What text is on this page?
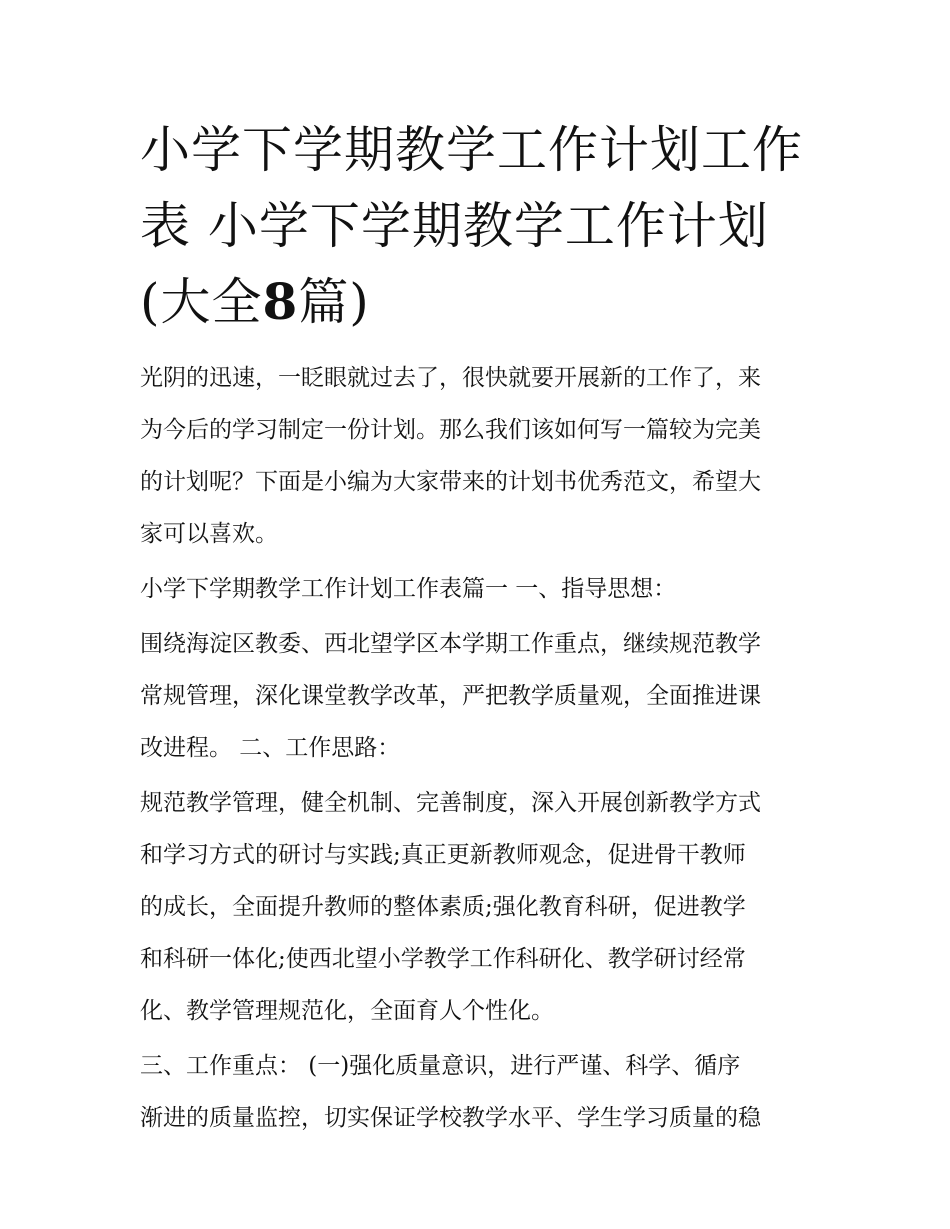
小学下学期教学工作计划工作
表 小学下学期教学工作计划
(大全8篇)

光阴的迅速，一眨眼就过去了，很快就要开展新的工作了，来
为今后的学习制定一份计划。那么我们该如何写一篇较为完美
的计划呢？下面是小编为大家带来的计划书优秀范文，希望大
家可以喜欢。

小学下学期教学工作计划工作表篇一 一、指导思想：

围绕海淀区教委、西北望学区本学期工作重点，继续规范教学
常规管理，深化课堂教学改革，严把教学质量观，全面推进课
改进程。 二、工作思路：

规范教学管理，健全机制、完善制度，深入开展创新教学方式
和学习方式的研讨与实践;真正更新教师观念，促进骨干教师
的成长，全面提升教师的整体素质;强化教育科研，促进教学
和科研一体化;使西北望小学教学工作科研化、教学研讨经常
化、教学管理规范化，全面育人个性化。

三、工作重点： (一)强化质量意识，进行严谨、科学、循序
渐进的质量监控，切实保证学校教学水平、学生学习质量的稳
